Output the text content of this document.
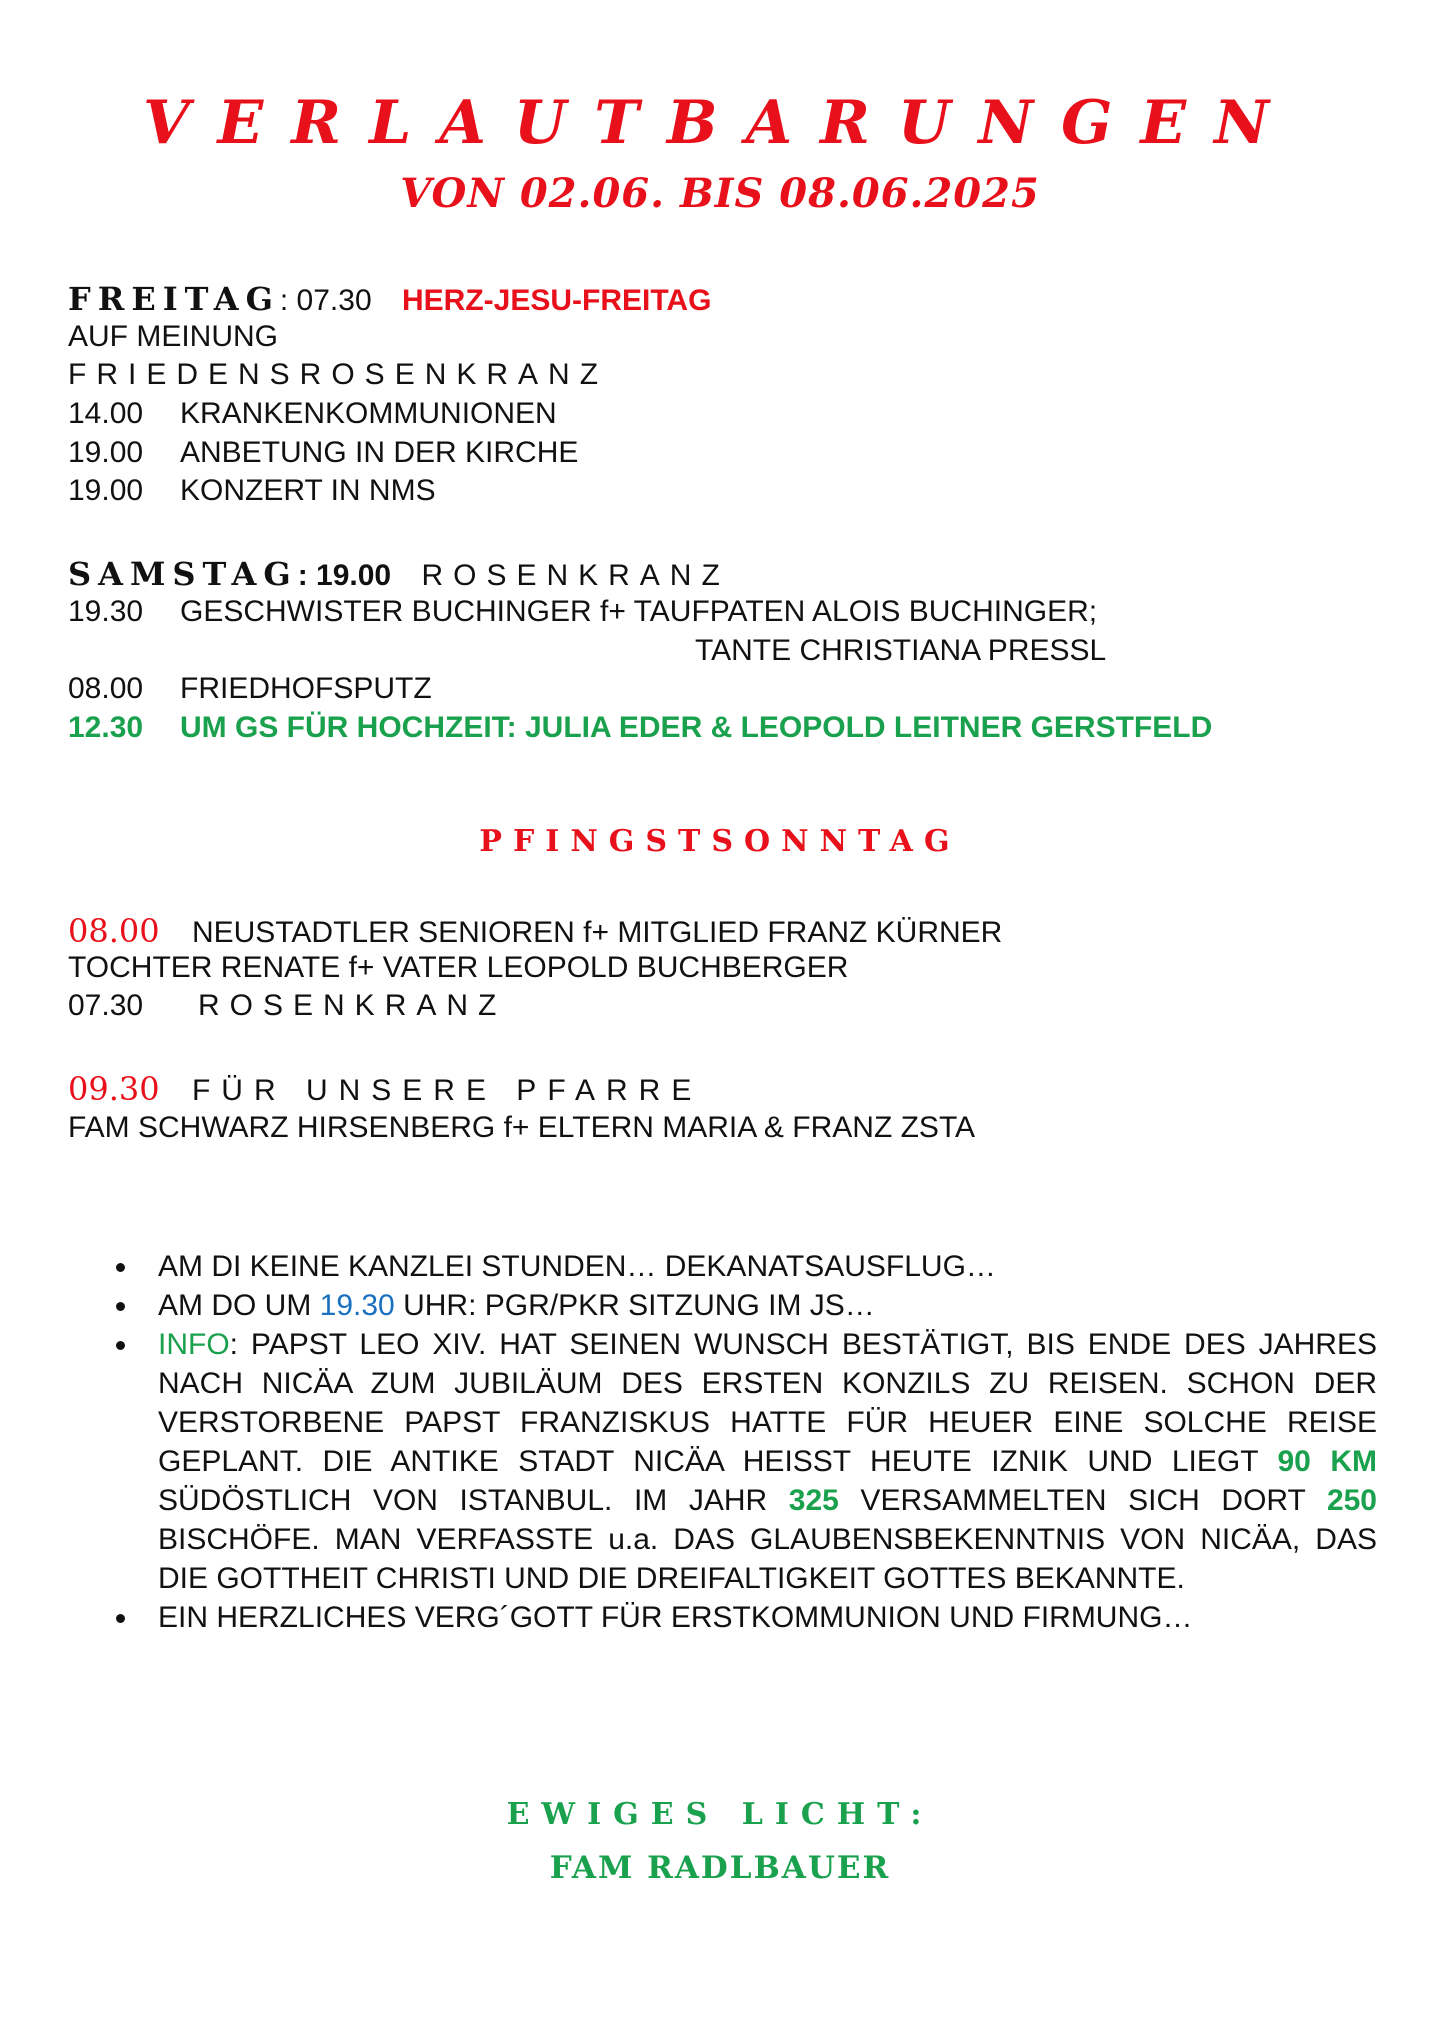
VERLAUTBARUNGEN
VON 02.06. BIS 08.06.2025
FREITAG: 07.30 HERZ-JESU-FREITAG
AUF MEINUNG
FRIEDENSROSENKRANZ
14.00 KRANKENKOMMUNIONEN
19.00 ANBETUNG IN DER KIRCHE
19.00 KONZERT IN NMS
SAMSTAG: 19.00 ROSENKRANZ
19.30 GESCHWISTER BUCHINGER f+ TAUFPATEN ALOIS BUCHINGER;
TANTE CHRISTIANA PRESSL
08.00 FRIEDHOFSPUTZ
12.30 UM GS FÜR HOCHZEIT: JULIA EDER & LEOPOLD LEITNER GERSTFELD
PFINGSTSONNTAG
08.00 NEUSTADTLER SENIOREN f+ MITGLIED FRANZ KÜRNER
TOCHTER RENATE f+ VATER LEOPOLD BUCHBERGER
07.30 ROSENKRANZ
09.30 FÜR UNSERE PFARRE
FAM SCHWARZ HIRSENBERG f+ ELTERN MARIA & FRANZ ZSTA
AM DI KEINE KANZLEI STUNDEN… DEKANATSAUSFLUG…
AM DO UM 19.30 UHR: PGR/PKR SITZUNG IM JS…
INFO: PAPST LEO XIV. HAT SEINEN WUNSCH BESTÄTIGT, BIS ENDE DES JAHRES NACH NICÄA ZUM JUBILÄUM DES ERSTEN KONZILS ZU REISEN. SCHON DER VERSTORBENE PAPST FRANZISKUS HATTE FÜR HEUER EINE SOLCHE REISE GEPLANT. DIE ANTIKE STADT NICÄA HEISST HEUTE IZNIK UND LIEGT 90 KM SÜDÖSTLICH VON ISTANBUL. IM JAHR 325 VERSAMMELTEN SICH DORT 250 BISCHÖFE. MAN VERFASSTE u.a. DAS GLAUBENSBEKENNTNIS VON NICÄA, DAS DIE GOTTHEIT CHRISTI UND DIE DREIFALTIGKEIT GOTTES BEKANNTE.
EIN HERZLICHES VERG´GOTT FÜR ERSTKOMMUNION UND FIRMUNG…
EWIGES LICHT:
FAM RADLBAUER
